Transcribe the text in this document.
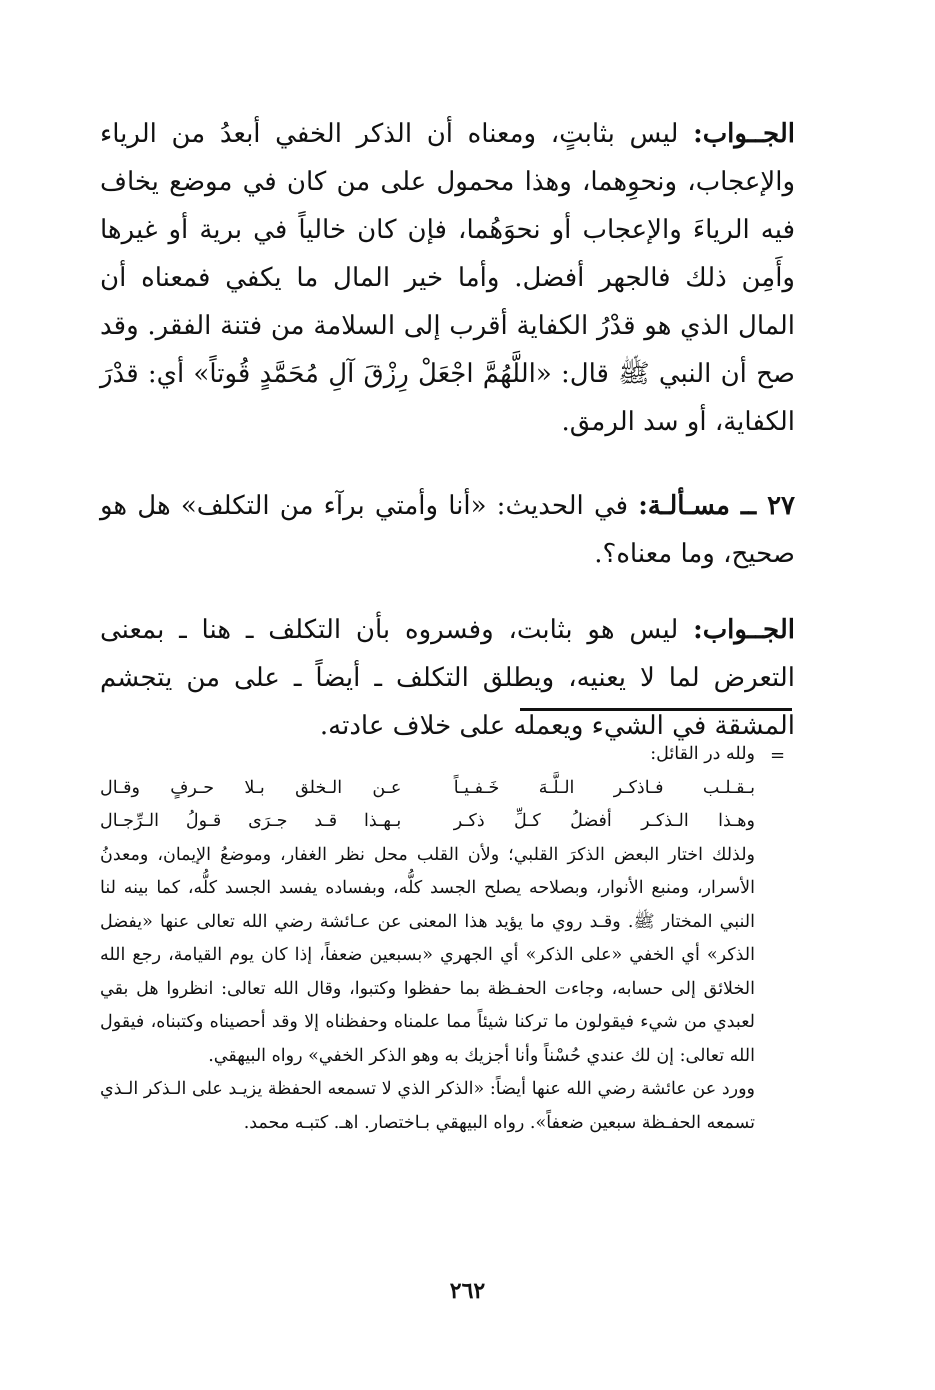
الجــواب: ليس بثابتٍ، ومعناه أن الذكر الخفي أبعدُ من الرياء والإعجاب، ونحوِهما، وهذا محمول على من كان في موضع يخاف فيه الرياءَ والإعجاب أو نحوَهُما، فإن كان خالياً في برية أو غيرها وأَمِن ذلك فالجهر أفضل. وأما خير المال ما يكفي فمعناه أن المال الذي هو قدْرُ الكفاية أقرب إلى السلامة من فتنة الفقر. وقد صح أن النبي ﷺ قال: «اللَّهُمَّ اجْعَلْ رِزْقَ آلِ مُحَمَّدٍ قُوتاً» أي: قدْرَ الكفاية، أو سد الرمق.

٢٧ ــ مسـألـة: في الحديث: «أنا وأمتي برآء من التكلف» هل هو صحيح، وما معناه؟.

الجــواب: ليس هو بثابت، وفسروه بأن التكلف ـ هنا ـ بمعنى التعرض لما لا يعنيه، ويطلق التكلف ـ أيضاً ـ على من يتجشم المشقة في الشيء ويعمله على خلاف عادته.

=

ولله در القائل:

بـقـلـب فـاذكـر الـلَّـهَ خَـفـيـاً
عـن الـخلق بـلا حـرفٍ وقـال
وهـذا الـذكـر أفضلُ كـلِّ ذكـر
بـهـذا قـد جـرَى قـولُ الـرِّجـال

ولذلك اختار البعض الذكرَ القلبي؛ ولأن القلب محل نظر الغفار، وموضعُ الإيمان، ومعدنُ الأسرار، ومنبع الأنوار، وبصلاحه يصلح الجسد كلُّه، وبفساده يفسد الجسد كلُّه، كما بينه لنا النبي المختار ﷺ. وقـد روي ما يؤيد هذا المعنى عن عـائشة رضي الله تعالى عنها «يفضل الذكر» أي الخفي «على الذكر» أي الجهري «بسبعين ضعفاً، إذا كان يوم القيامة، رجع الله الخلائق إلى حسابه، وجاءت الحفـظة بما حفظوا وكتبوا، وقال الله تعالى: انظروا هل بقي لعبدي من شيء فيقولون ما تركنا شيئاً مما علمناه وحفظناه إلا وقد أحصيناه وكتبناه، فيقول الله تعالى: إن لك عندي حُسْناً وأنا أجزيك به وهو الذكر الخفي» رواه البيهقي.

وورد عن عائشة رضي الله عنها أيضاً: «الذكر الذي لا تسمعه الحفظة يزيـد على الـذكر الـذي تسمعه الحفـظة سبعين ضعفاً». رواه البيهقي بـاختصار. اهـ. كتبـه محمد.

٢٦٢
